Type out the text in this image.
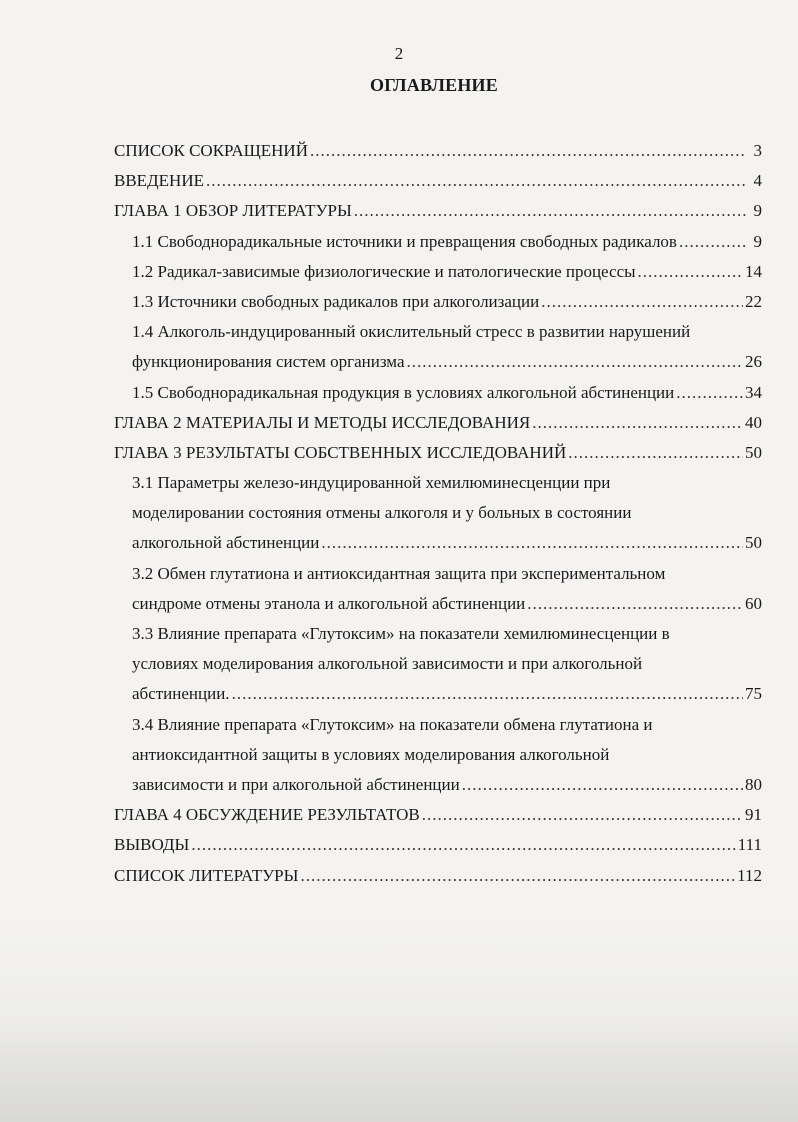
2
ОГЛАВЛЕНИЕ
СПИСОК СОКРАЩЕНИЙ .....	3
ВВЕДЕНИЕ .....	4
ГЛАВА 1 ОБЗОР ЛИТЕРАТУРЫ .....	9
1.1 Свободнорадикальные источники и превращения свободных радикалов .....	9
1.2 Радикал-зависимые физиологические и патологические процессы .....	14
1.3 Источники свободных радикалов при алкоголизации .....	22
1.4 Алкоголь-индуцированный окислительный стресс в развитии нарушений
функционирования систем организма .....	26
1.5 Свободнорадикальная продукция в условиях алкогольной абстиненции .....	34
ГЛАВА 2 МАТЕРИАЛЫ И МЕТОДЫ ИССЛЕДОВАНИЯ .....	40
ГЛАВА 3 РЕЗУЛЬТАТЫ СОБСТВЕННЫХ ИССЛЕДОВАНИЙ .....	50
3.1 Параметры железо-индуцированной хемилюминесценции при
моделировании состояния отмены алкоголя и у больных в состоянии
алкогольной абстиненции .....	50
3.2 Обмен глутатиона и антиоксидантная защита при экспериментальном
синдроме отмены этанола и алкогольной абстиненции .....	60
3.3 Влияние препарата «Глутоксим» на показатели хемилюминесценции в
условиях моделирования алкогольной зависимости и при алкогольной
абстиненции. .....	75
3.4 Влияние препарата «Глутоксим» на показатели обмена глутатиона и
антиоксидантной защиты в условиях моделирования алкогольной
зависимости и при алкогольной абстиненции .....	80
ГЛАВА 4 ОБСУЖДЕНИЕ РЕЗУЛЬТАТОВ .....	91
ВЫВОДЫ .....	111
СПИСОК ЛИТЕРАТУРЫ .....	112
